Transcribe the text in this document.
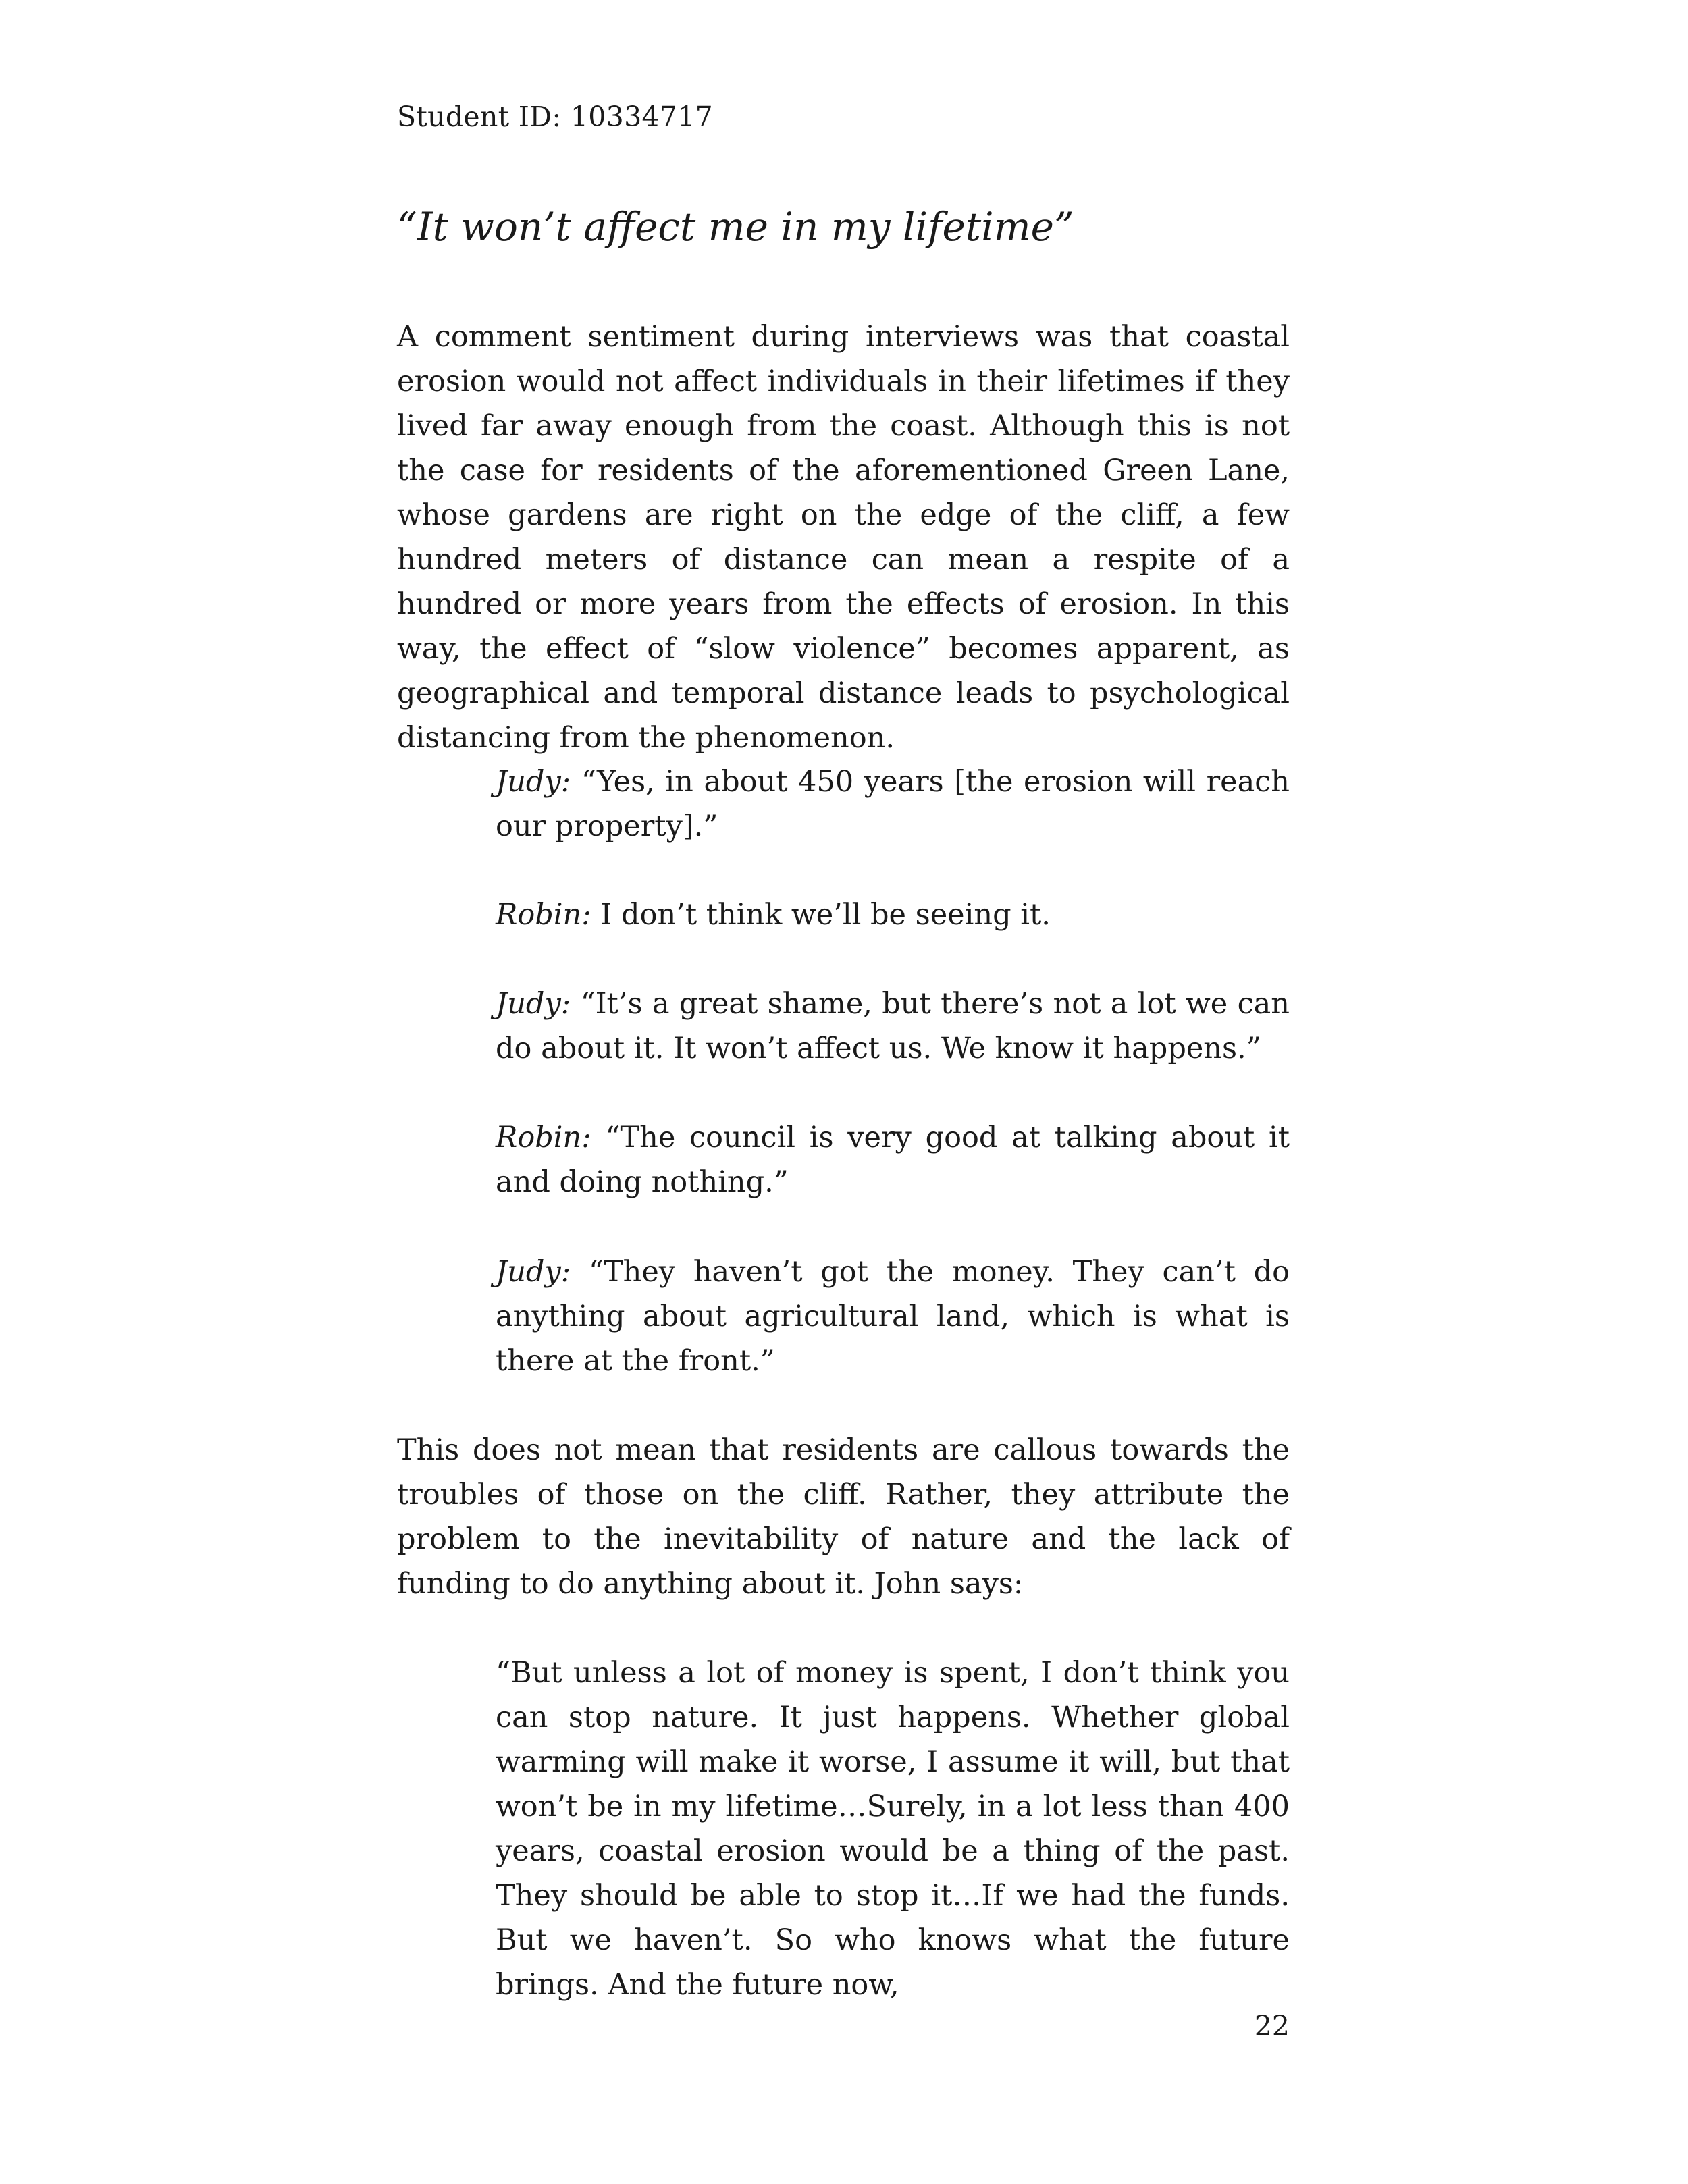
Student ID: 10334717
“It won’t affect me in my lifetime”

A comment sentiment during interviews was that coastal erosion would not affect individuals in their lifetimes if they lived far away enough from the coast. Although this is not the case for residents of the aforementioned Green Lane, whose gardens are right on the edge of the cliff, a few hundred meters of distance can mean a respite of a hundred or more years from the effects of erosion. In this way, the effect of “slow violence” becomes apparent, as geographical and temporal distance leads to psychological distancing from the phenomenon.

Judy: “Yes, in about 450 years [the erosion will reach our property].”

Robin: I don’t think we’ll be seeing it.

Judy: “It’s a great shame, but there’s not a lot we can do about it. It won’t affect us. We know it happens.”

Robin: “The council is very good at talking about it and doing nothing.”

Judy: “They haven’t got the money. They can’t do anything about agricultural land, which is what is there at the front.”

This does not mean that residents are callous towards the troubles of those on the cliff. Rather, they attribute the problem to the inevitability of nature and the lack of funding to do anything about it. John says:

“But unless a lot of money is spent, I don’t think you can stop nature. It just happens. Whether global warming will make it worse, I assume it will, but that won’t be in my lifetime…Surely, in a lot less than 400 years, coastal erosion would be a thing of the past. They should be able to stop it…If we had the funds. But we haven’t. So who knows what the future brings. And the future now,

22
